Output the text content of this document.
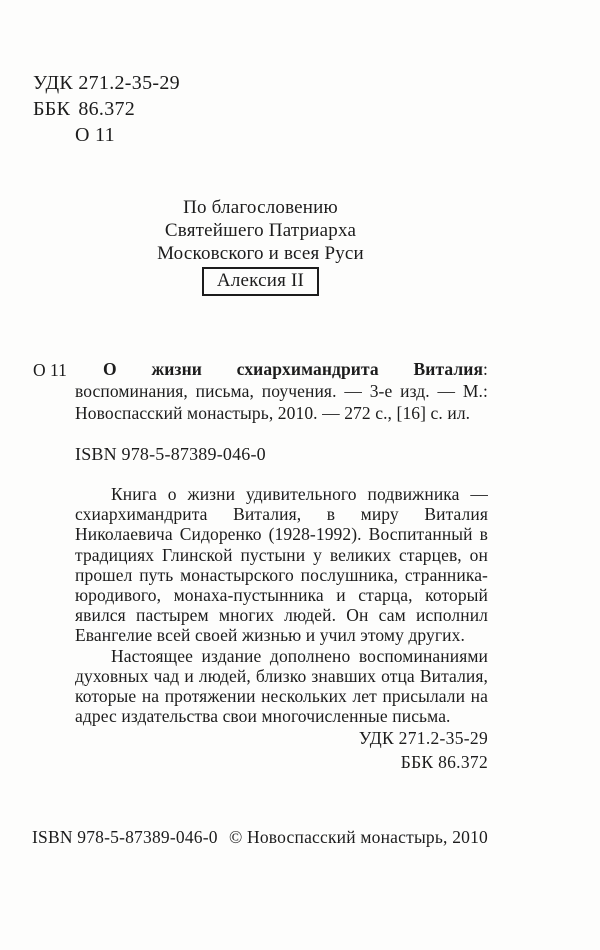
УДК 271.2-35-29
ББК 86.372
О 11
По благословению
Святейшего Патриарха
Московского и всея Руси
Алексия II
О 11	О жизни схиархимандрита Виталия: воспоминания, письма, поучения. — 3-е изд. — М.: Новоспасский монастырь, 2010. — 272 с., [16] с. ил.

ISBN 978-5-87389-046-0

Книга о жизни удивительного подвижника — схиархимандрита Виталия, в миру Виталия Николаевича Сидоренко (1928-1992). Воспитанный в традициях Глинской пустыни у великих старцев, он прошел путь монастырского послушника, странника-юродивого, монаха-пустынника и старца, который явился пастырем многих людей. Он сам исполнил Евангелие всей своей жизнью и учил этому других.

Настоящее издание дополнено воспоминаниями духовных чад и людей, близко знавших отца Виталия, которые на протяжении нескольких лет присылали на адрес издательства свои многочисленные письма.

УДК 271.2-35-29
ББК 86.372
ISBN 978-5-87389-046-0 © Новоспасский монастырь, 2010
